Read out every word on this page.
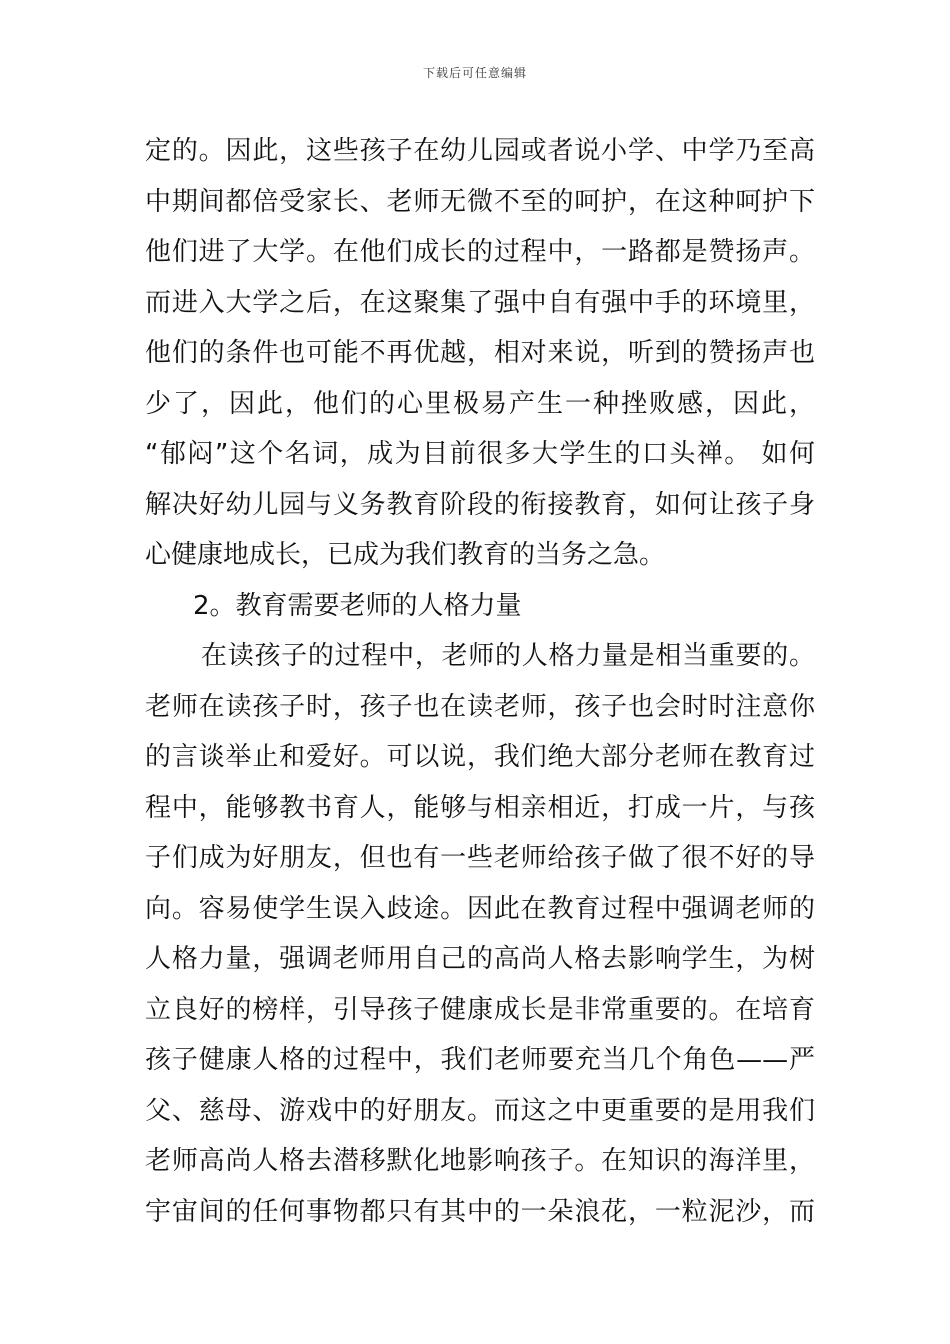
下载后可任意编辑
定的。因此，这些孩子在幼儿园或者说小学、中学乃至高
中期间都倍受家长、老师无微不至的呵护，在这种呵护下
他们进了大学。在他们成长的过程中，一路都是赞扬声。
而进入大学之后，在这聚集了强中自有强中手的环境里，
他们的条件也可能不再优越，相对来说，听到的赞扬声也
少了，因此，他们的心里极易产生一种挫败感，因此，
“郁闷”这个名词，成为目前很多大学生的口头禅。 如何
解决好幼儿园与义务教育阶段的衔接教育，如何让孩子身
心健康地成长，已成为我们教育的当务之急。
2。教育需要老师的人格力量
在读孩子的过程中，老师的人格力量是相当重要的。
老师在读孩子时，孩子也在读老师，孩子也会时时注意你
的言谈举止和爱好。可以说，我们绝大部分老师在教育过
程中，能够教书育人，能够与相亲相近，打成一片，与孩
子们成为好朋友，但也有一些老师给孩子做了很不好的导
向。容易使学生误入歧途。因此在教育过程中强调老师的
人格力量，强调老师用自己的高尚人格去影响学生，为树
立良好的榜样，引导孩子健康成长是非常重要的。在培育
孩子健康人格的过程中，我们老师要充当几个角色——严
父、慈母、游戏中的好朋友。而这之中更重要的是用我们
老师高尚人格去潜移默化地影响孩子。在知识的海洋里，
宇宙间的任何事物都只有其中的一朵浪花，一粒泥沙，而
